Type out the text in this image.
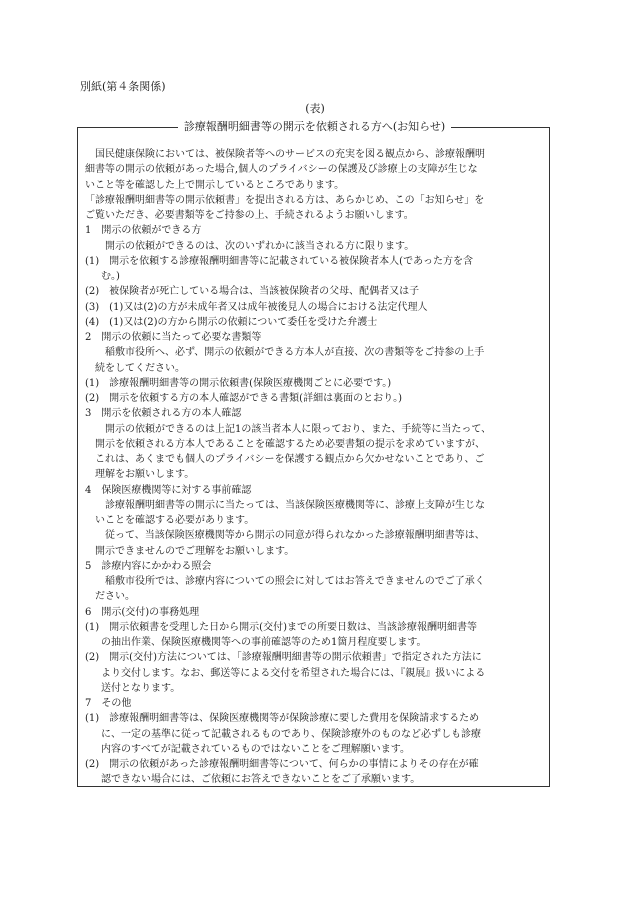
別紙(第４条関係)
(表)
診療報酬明細書等の開示を依頼される方へ(お知らせ)

国民健康保険においては、被保険者等へのサービスの充実を図る観点から、診療報酬明

細書等の開示の依頼があった場合,個人のプライバシーの保護及び診療上の支障が生じな

いこと等を確認した上で開示しているところであります。

「診療報酬明細書等の開示依頼書」を提出される方は、あらかじめ、この「お知らせ」を

ご覧いただき、必要書類等をご持参の上、手続されるようお願いします。

1　開示の依頼ができる方

開示の依頼ができるのは、次のいずれかに該当される方に限ります。

(1)　開示を依頼する診療報酬明細書等に記載されている被保険者本人(であった方を含

む。)

(2)　被保険者が死亡している場合は、当該被保険者の父母、配偶者又は子

(3)　(1)又は(2)の方が未成年者又は成年被後見人の場合における法定代理人

(4)　(1)又は(2)の方から開示の依頼について委任を受けた弁護士

2　開示の依頼に当たって必要な書類等

稲敷市役所へ、必ず、開示の依頼ができる方本人が直接、次の書類等をご持参の上手

続をしてください。

(1)　診療報酬明細書等の開示依頼書(保険医療機関ごとに必要です。)

(2)　開示を依頼する方の本人確認ができる書類(詳細は裏面のとおり。)

3　開示を依頼される方の本人確認

開示の依頼ができるのは上記1の該当者本人に限っており、また、手続等に当たって、

開示を依頼される方本人であることを確認するため必要書類の提示を求めていますが、

これは、あくまでも個人のプライバシーを保護する観点から欠かせないことであり、ご

理解をお願いします。

4　保険医療機関等に対する事前確認

診療報酬明細書等の開示に当たっては、当該保険医療機関等に、診療上支障が生じな

いことを確認する必要があります。

従って、当該保険医療機関等から開示の同意が得られなかった診療報酬明細書等は、

開示できませんのでご理解をお願いします。

5　診療内容にかかわる照会

稲敷市役所では、診療内容についての照会に対してはお答えできませんのでご了承く

ださい。

6　開示(交付)の事務処理

(1)　開示依頼書を受理した日から開示(交付)までの所要日数は、当該診療報酬明細書等

の抽出作業、保険医療機関等への事前確認等のため1箇月程度要します。

(2)　開示(交付)方法については、「診療報酬明細書等の開示依頼書」で指定された方法に

より交付します。なお、郵送等による交付を希望された場合には、『親展』扱いによる

送付となります。

7　その他

(1)　診療報酬明細書等は、保険医療機関等が保険診療に要した費用を保険請求するため

に、一定の基準に従って記載されるものであり、保険診療外のものなど必ずしも診療

内容のすべてが記載されているものではないことをご理解願います。

(2)　開示の依頼があった診療報酬明細書等について、何らかの事情によりその存在が確

認できない場合には、ご依頼にお答えできないことをご了承願います。
